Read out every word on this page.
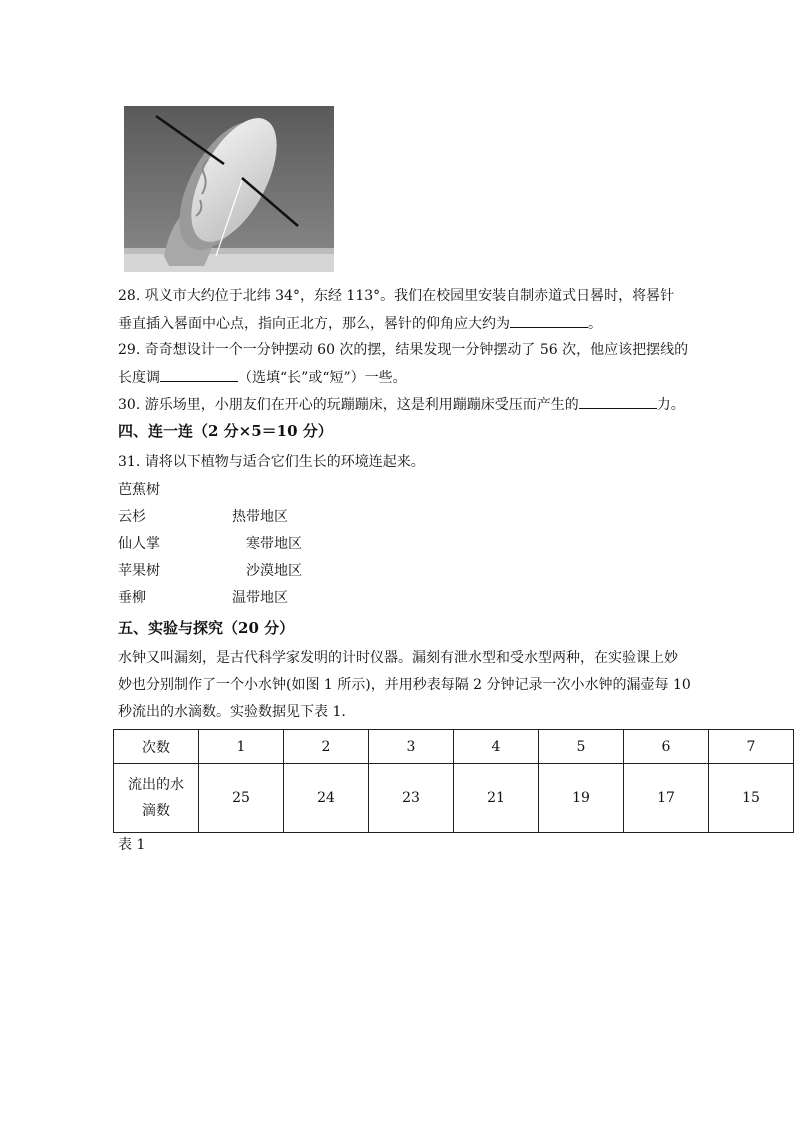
28. 巩义市大约位于北纬 34°，东经 113°。我们在校园里安装自制赤道式日晷时，将晷针
垂直插入晷面中心点，指向正北方，那么，晷针的仰角应大约为	。
29. 奇奇想设计一个一分钟摆动 60 次的摆，结果发现一分钟摆动了 56 次，他应该把摆线的
长度调	（选填“长”或“短”）一些。
30. 游乐场里，小朋友们在开心的玩蹦蹦床，这是利用蹦蹦床受压而产生的	力。
四、连一连（2 分×5＝10 分）
31. 请将以下植物与适合它们生长的环境连起来。
芭蕉树
云杉
仙人掌
苹果树
垂柳
热带地区
寒带地区
沙漠地区
温带地区
五、实验与探究（20 分）
水钟又叫漏刻，是古代科学家发明的计时仪器。漏刻有泄水型和受水型两种，在实验课上妙
妙也分别制作了一个小水钟(如图 1 所示)，并用秒表每隔 2 分钟记录一次小水钟的漏壶每 10
秒流出的水滴数。实验数据见下表 1.
次数	1	2	3	4	5	6	7
流出的水
滴数	25	24	23	21	19	17	15
表 1
